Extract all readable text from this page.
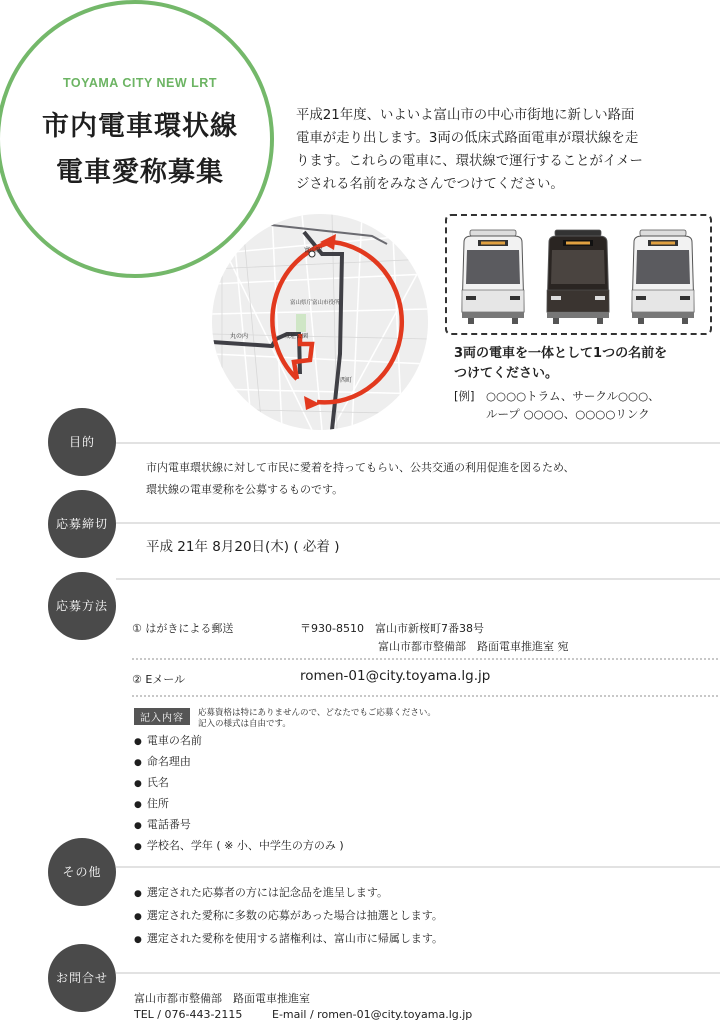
TOYAMA CITY NEW LRT
市内電車環状線
電車愛称募集
平成21年度、いよいよ富山市の中心市街地に新しい路面
電車が走り出します。3両の低床式路面電車が環状線を走
ります。これらの電車に、環状線で運行することがイメー
ジされる名前をみなさんでつけてください。
富山駅
富山県庁 富山市役所
丸の内	城址公園
西町
3両の電車を一体として1つの名前を
つけてください。
[例] ○○○○トラム、サークル○○○、
ループ ○○○○、○○○○リンク
目的
市内電車環状線に対して市民に愛着を持ってもらい、公共交通の利用促進を図るため、
環状線の電車愛称を公募するものです。
応募締切
平成 21年 8月20日(木) ( 必着 )
応募方法
① はがきによる郵送	〒930-8510　富山市新桜町7番38号
富山市都市整備部　路面電車推進室 宛
② Eメール	romen-01@city.toyama.lg.jp
記入内容	応募資格は特にありませんので、どなたでもご応募ください。
記入の様式は自由です。
● 電車の名前
● 命名理由
● 氏名
● 住所
● 電話番号
● 学校名、学年 ( ※ 小、中学生の方のみ )
その他
● 選定された応募者の方には記念品を進呈します。
● 選定された愛称に多数の応募があった場合は抽選とします。
● 選定された愛称を使用する諸権利は、富山市に帰属します。
お問合せ
富山市都市整備部　路面電車推進室
TEL / 076-443-2115	E-mail / romen-01@city.toyama.lg.jp
